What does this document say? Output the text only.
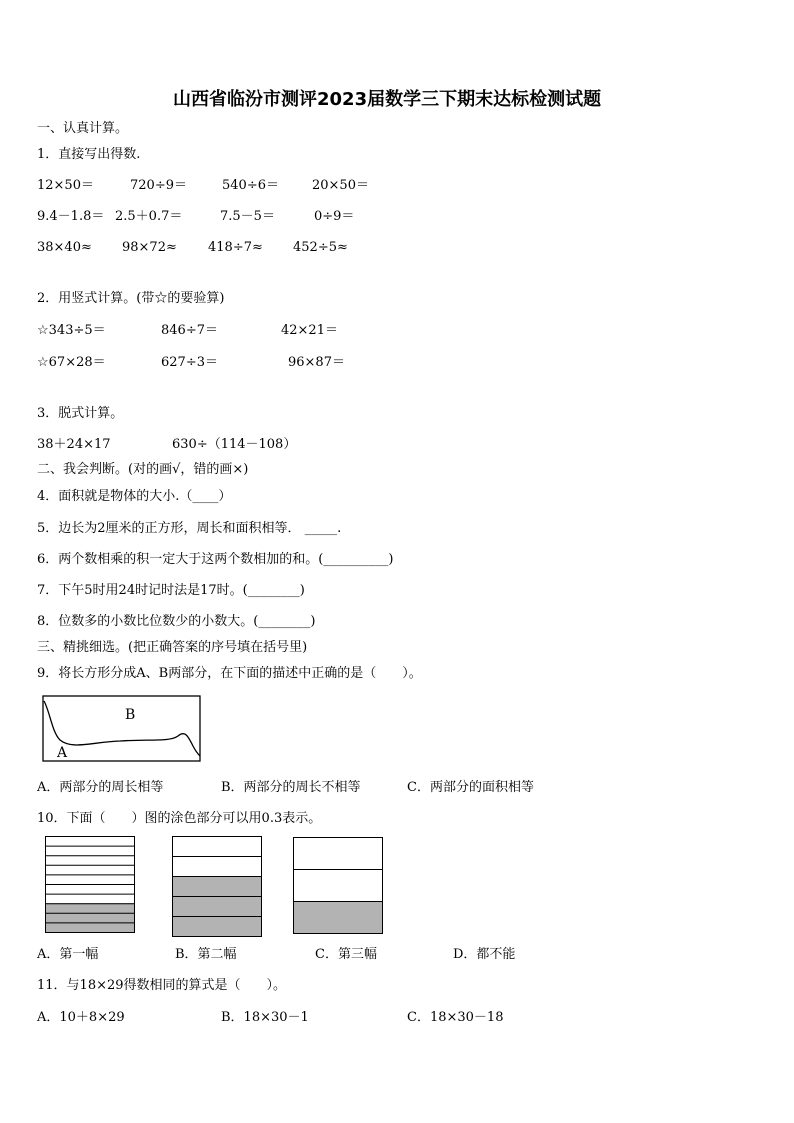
山西省临汾市测评2023届数学三下期末达标检测试题
一、认真计算。
1．直接写出得数.
12×50＝	720÷9＝	540÷6＝	20×50＝
9.4－1.8＝ 2.5＋0.7＝	7.5－5＝	0÷9＝
38×40≈ 98×72≈ 418÷7≈ 452÷5≈
2．用竖式计算。(带☆的要验算)
☆343÷5＝	846÷7＝	42×21＝
☆67×28＝	627÷3＝	96×87＝
3．脱式计算。
38＋24×17	630÷（114－108）
二、我会判断。(对的画√，错的画×)
4．面积就是物体的大小.（____）
5．边长为2厘米的正方形，周长和面积相等． _____.
6．两个数相乘的积一定大于这两个数相加的和。(__________)
7．下午5时用24时记时法是17时。(________)
8．位数多的小数比位数少的小数大。(________)
三、精挑细选。(把正确答案的序号填在括号里)
9．将长方形分成A、B两部分，在下面的描述中正确的是（　　）。
B
A
A．两部分的周长相等	B．两部分的周长不相等	C．两部分的面积相等
10．下面（　　）图的涂色部分可以用0.3表示。
A．第一幅	B．第二幅	C．第三幅	D．都不能
11．与18×29得数相同的算式是（　　）。
A．10＋8×29	B．18×30－1	C．18×30－18
